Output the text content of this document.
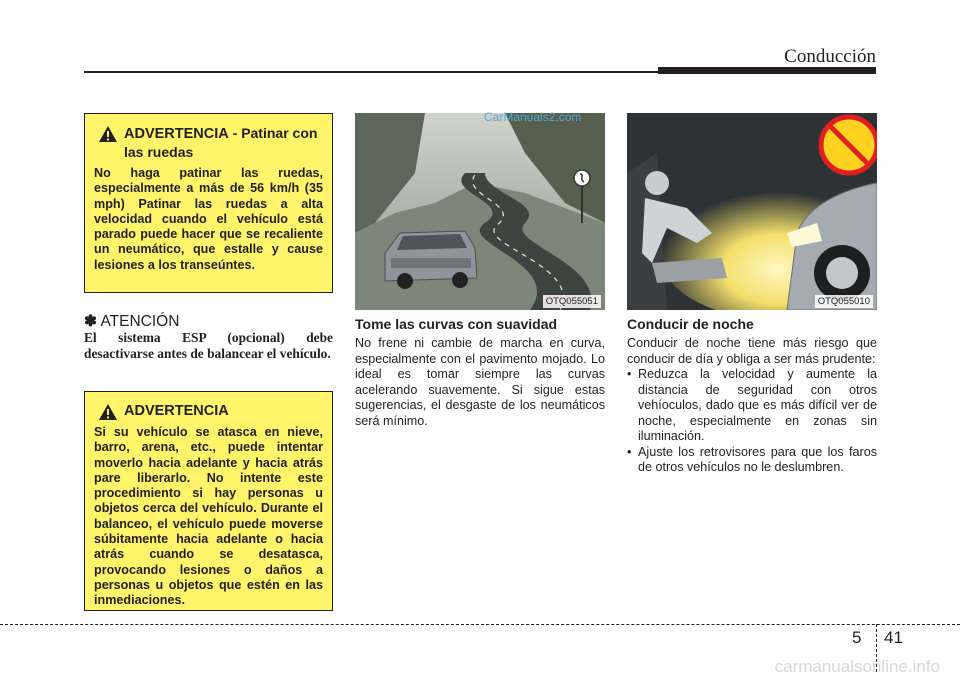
Conducción
ADVERTENCIA - Patinar con las ruedas
No haga patinar las ruedas, especialmente a más de 56 km/h (35 mph) Patinar las ruedas a alta velocidad cuando el vehículo está parado puede hacer que se recaliente un neumático, que estalle y cause lesiones a los transeúntes.
✽ ATENCIÓN
El sistema ESP (opcional) debe desactivarse antes de balancear el vehículo.
ADVERTENCIA
Si su vehículo se atasca en nieve, barro, arena, etc., puede intentar moverlo hacia adelante y hacia atrás pare liberarlo. No intente este procedimiento si hay personas u objetos cerca del vehículo. Durante el balanceo, el vehículo puede moverse súbitamente hacia adelante o hacia atrás cuando se desatasca, provocando lesiones o daños a personas u objetos que estén en las inmediaciones.
OTQ055051	OTQ055010
CarManuals2.com
Tome las curvas con suavidad
No frene ni cambie de marcha en curva, especialmente con el pavimento mojado. Lo ideal es tomar siempre las curvas acelerando suavemente. Si sigue estas sugerencias, el desgaste de los neumáticos será mínimo.
Conducir de noche

Conducir de noche tiene más riesgo que conducir de día y obliga a ser más prudente:

• Reduzca la velocidad y aumente la distancia de seguridad con otros vehíoculos, dado que es más difícil ver de noche, especialmente en zonas sin iluminación.
• Ajuste los retrovisores para que los faros de otros vehículos no le deslumbren.
5 41
carmanualsonline.info
